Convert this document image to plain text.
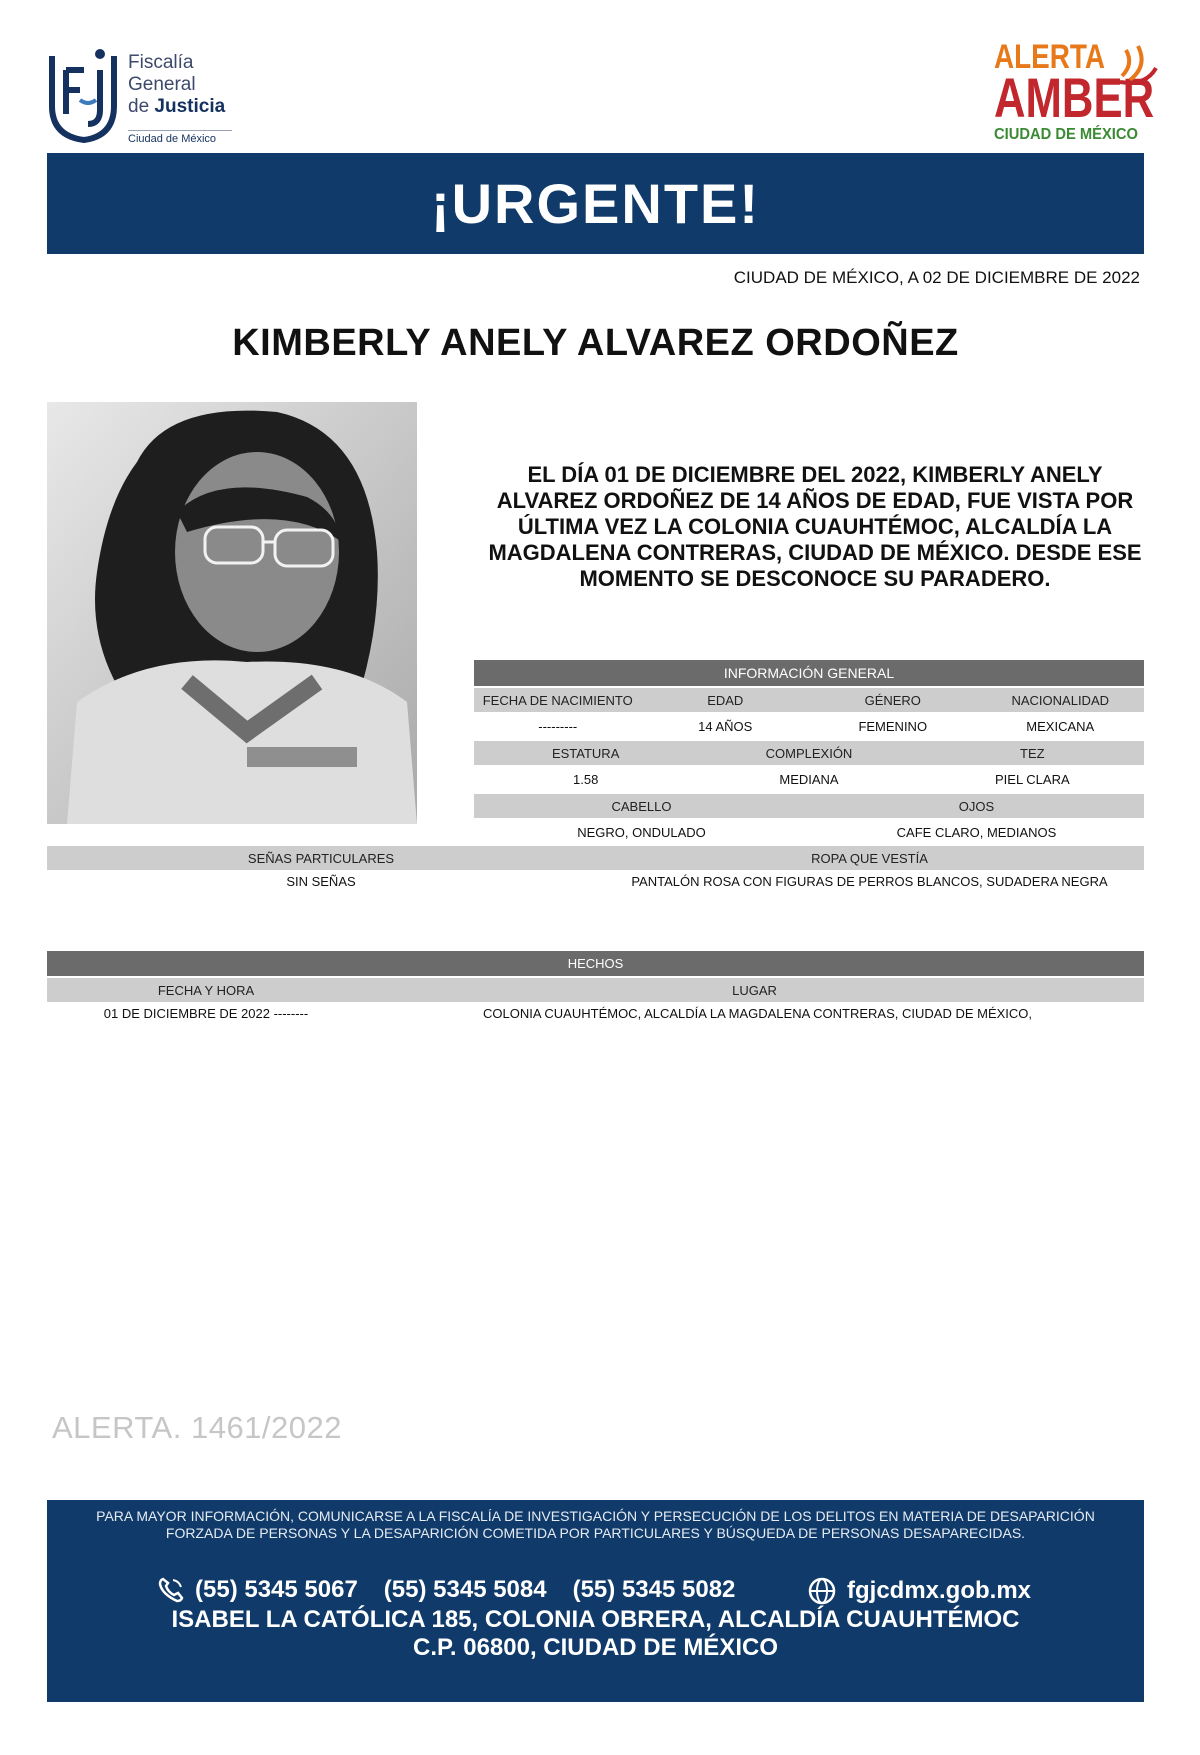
Fiscalía
General
de Justicia
Ciudad de México
ALERTA
AMBER
CIUDAD DE MÉXICO
¡URGENTE!
CIUDAD DE MÉXICO, A 02 DE DICIEMBRE DE 2022
KIMBERLY ANELY ALVAREZ ORDOÑEZ
EL DÍA 01 DE DICIEMBRE DEL 2022, KIMBERLY ANELY ALVAREZ ORDOÑEZ DE 14 AÑOS DE EDAD, FUE VISTA POR ÚLTIMA VEZ LA COLONIA CUAUHTÉMOC, ALCALDÍA LA MAGDALENA CONTRERAS, CIUDAD DE MÉXICO. DESDE ESE MOMENTO SE DESCONOCE SU PARADERO.
INFORMACIÓN GENERAL
FECHA DE NACIMIENTO	EDAD	GÉNERO	NACIONALIDAD
---------	14 AÑOS	FEMENINO	MEXICANA
ESTATURA	COMPLEXIÓN	TEZ
1.58	MEDIANA	PIEL CLARA
CABELLO	OJOS
NEGRO, ONDULADO	CAFE CLARO, MEDIANOS
SEÑAS PARTICULARES	ROPA QUE VESTÍA
SIN SEÑAS	PANTALÓN ROSA CON FIGURAS DE PERROS BLANCOS, SUDADERA NEGRA
HECHOS
FECHA Y HORA	LUGAR
01 DE DICIEMBRE DE 2022 --------	COLONIA CUAUHTÉMOC, ALCALDÍA LA MAGDALENA CONTRERAS, CIUDAD DE MÉXICO,
ALERTA. 1461/2022
PARA MAYOR INFORMACIÓN, COMUNICARSE A LA FISCALÍA DE INVESTIGACIÓN Y PERSECUCIÓN DE LOS DELITOS EN MATERIA DE DESAPARICIÓN
FORZADA DE PERSONAS Y LA DESAPARICIÓN COMETIDA POR PARTICULARES Y BÚSQUEDA DE PERSONAS DESAPARECIDAS.
(55) 5345 5067 (55) 5345 5084 (55) 5345 5082	fgjcdmx.gob.mx
ISABEL LA CATÓLICA 185, COLONIA OBRERA, ALCALDÍA CUAUHTÉMOC
C.P. 06800, CIUDAD DE MÉXICO
